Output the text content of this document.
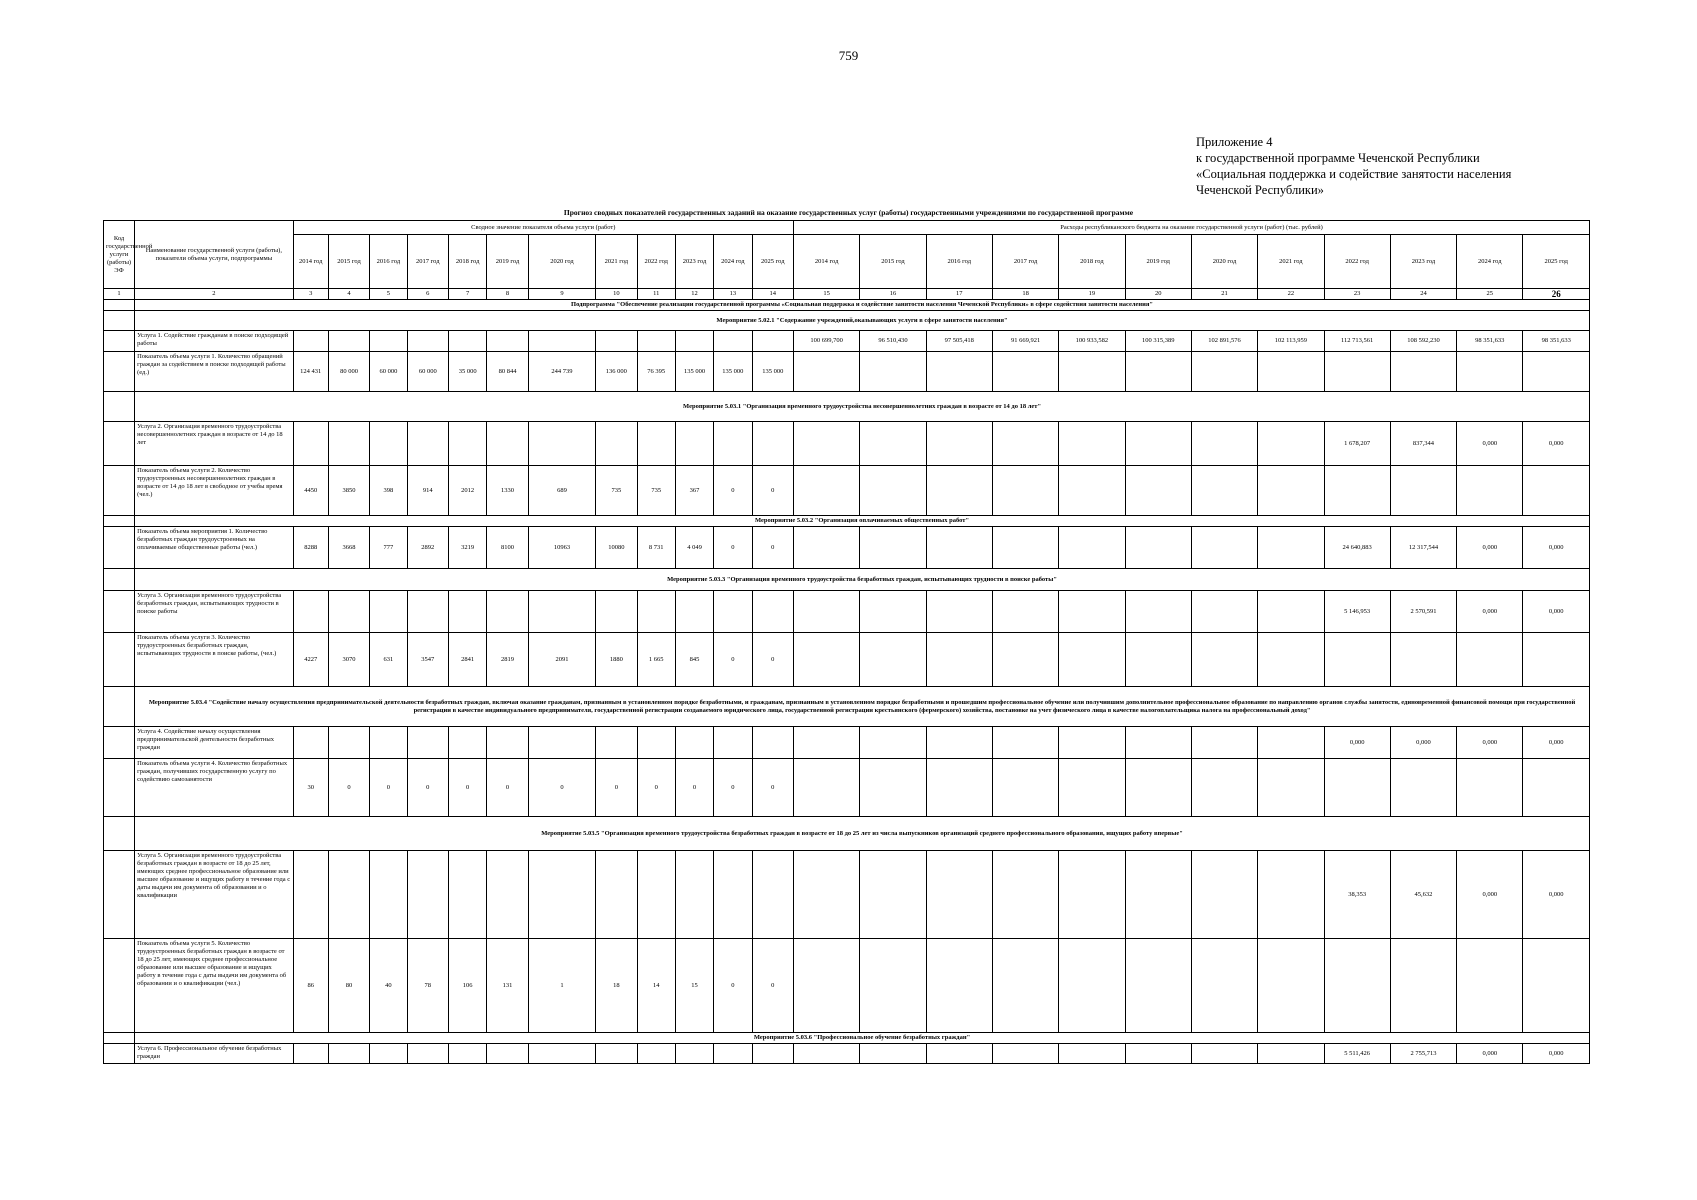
759
Приложение 4
к государственной программе Чеченской Республики
«Социальная поддержка и содействие занятости населения
Чеченской Республики»
Прогноз сводных показателей государственных заданий на оказание государственных услуг (работы) государственными учреждениями по государственной программе
Код государственной услуги (работы) ЭФ	Наименование государственной услуги (работы), показатели объема услуги, подпрограммы	Сводное значение показателя объема услуги (работ)												Расходы республиканского бюджета на оказание государственной услуги (работ) (тыс. рублей)											
		2014 год	2015 год	2016 год	2017 год	2018 год	2019 год	2020 год	2021 год	2022 год	2023 год	2024 год	2025 год	2014 год	2015 год	2016 год	2017 год	2018 год	2019 год	2020 год	2021 год	2022 год	2023 год	2024 год	2025 год
1	2	3	4	5	6	7	8	9	10	11	12	13	14	15	16	17	18	19	20	21	22	23	24	25	26
	Подпрограмма "Обеспечение реализации государственной программы «Социальная поддержка и содействие занятости населения Чеченской Республики» в сфере содействия занятости населения"																								
	Мероприятие 5.02.1 "Содержание учреждений,оказывающих услуги в сфере занятости населения"																								
	Услуга 1. Содействие гражданам в поиске подходящей работы													100 699,700	96 510,430	97 505,418	91 669,921	100 933,582	100 315,389	102 891,576	102 113,959	112 713,561	108 592,230	98 351,633	98 351,633
	Показатель объема услуги 1. Количество обращений граждан за содействием в поиске подходящей работы (ед.)	124 431	80 000	60 000	60 000	35 000	80 844	244 739	136 000	76 395	135 000	135 000	135 000												
	Мероприятие 5.03.1 "Организация временного трудоустройства несовершеннолетних граждан в возрасте от 14 до 18 лет"																								
	Услуга 2. Организация временного трудоустройства несовершеннолетних граждан в возрасте от 14 до 18 лет																					1 678,207	837,344	0,000	0,000
	Показатель объема услуги 2. Количество трудоустроенных несовершеннолетних граждан в возрасте от 14 до 18 лет в свободное от учебы время (чел.)	4450	3850	398	914	2012	1330	689	735	735	367	0	0												
	Мероприятие 5.03.2 "Организация оплачиваемых общественных работ"																								
	Показатель объема мероприятия 1. Количество безработных граждан трудоустроенных на оплачиваемые общественные работы (чел.)	8288	3668	777	2892	3219	8100	10963	10080	8 731	4 049	0	0									24 640,883	12 317,544	0,000	0,000
	Мероприятие 5.03.3 "Организация временного трудоустройства безработных граждан, испытывающих трудности в поиске работы"																								
	Услуга 3. Организация временного трудоустройства безработных граждан, испытывающих трудности в поиске работы																					5 146,953	2 570,591	0,000	0,000
	Показатель объема услуги 3. Количество трудоустроенных безработных граждан, испытывающих трудности в поиске работы, (чел.)	4227	3070	631	3547	2841	2819	2091	1880	1 665	845	0	0												
	Мероприятие 5.03.4 "Содействие началу осуществления предпринимательской деятельности безработных граждан, включая оказание гражданам, признанным в установленном порядке безработными, и гражданам, признанным в установленном порядке безработными и прошедшим профессиональное обучение или получившим дополнительное профессиональное образование по направлению органов службы занятости, единовременной финансовой помощи при государственной регистрации в качестве индивидуального предпринимателя, государственной регистрации создаваемого юридического лица, государственной регистрации крестьянского (фермерского) хозяйства, постановке на учет физического лица в качестве налогоплательщика налога на профессиональный доход"																								
	Услуга 4. Содействие началу осуществления предпринимательской деятельности безработных граждан																					0,000	0,000	0,000	0,000
	Показатель объема услуги 4. Количество безработных граждан, получивших государственную услугу по содействию самозанятости	30	0	0	0	0	0	0	0	0	0	0	0												
	Мероприятие 5.03.5 "Организация временного трудоустройства безработных граждан в возрасте от 18 до 25 лет из числа выпускников организаций среднего профессионального образования, ищущих работу впервые"																								
	Услуга 5. Организация временного трудоустройства безработных граждан в возрасте от 18 до 25 лет, имеющих среднее профессиональное образование или высшее образование и ищущих работу в течение года с даты выдачи им документа об образовании и о квалификации																					38,353	45,632	0,000	0,000
	Показатель объема услуги 5. Количество трудоустроенных безработных граждан в возрасте от 18 до 25 лет, имеющих среднее профессиональное образование или высшее образование и ищущих работу в течение года с даты выдачи им документа об образовании и о квалификации (чел.)	86	80	40	78	106	131	1	18	14	15	0	0												
	Мероприятие 5.03.6 "Профессиональное обучение безработных граждан"																								
	Услуга 6. Профессиональное обучение безработных граждан																					5 511,426	2 755,713	0,000	0,000
